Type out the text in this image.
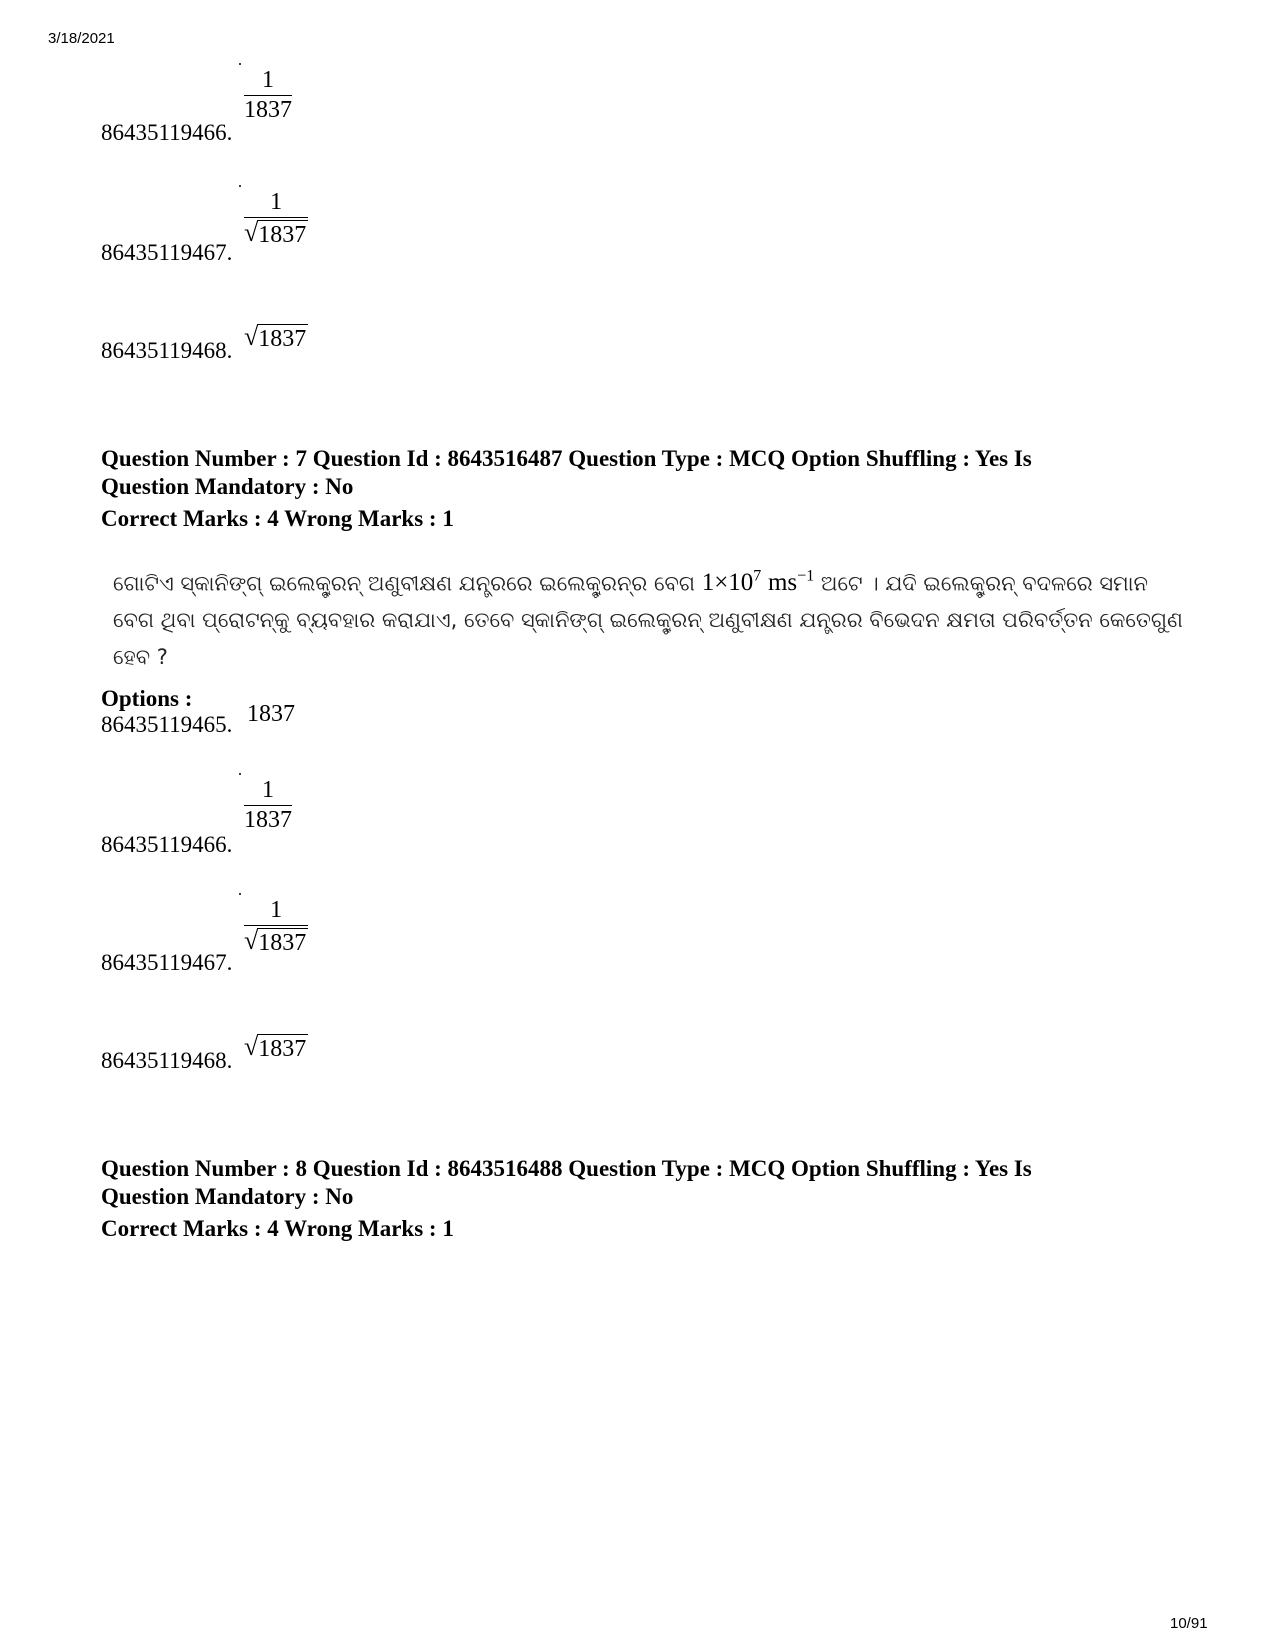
3/18/2021
86435119466.
1
1837
86435119467.
1
√ 1837
86435119468. √ 1837
Question Number : 7 Question Id : 8643516487 Question Type : MCQ Option Shuffling : Yes Is
Question Mandatory : No
Correct Marks : 4 Wrong Marks : 1
ଗୋଟିଏ ସ୍କାନିଙ୍ଗ୍ ଇଲେକ୍ଟ୍ରନ୍ ଅଣୁବୀକ୍ଷଣ ଯନ୍ତ୍ରରେ ଇଲେକ୍ଟ୍ରନ୍‌ର ବେଗ $1\times 10^7$ $ms^{-1}$ ଅଟେ । ଯଦି ଇଲେକ୍ଟ୍ରନ୍ ବଦଳରେ ସମାନ ବେଗ ଥିବା ପ୍ରୋଟନ୍‌କୁ ବ୍ୟବହାର କରାଯାଏ, ତେବେ ସ୍କାନିଙ୍ଗ୍ ଇଲେକ୍ଟ୍ରନ୍ ଅଣୁବୀକ୍ଷଣ ଯନ୍ତ୍ରର ବିଭେଦନ କ୍ଷମତା ପରିବର୍ତ୍ତନ କେତେଗୁଣ ହେବ ?
Options :
86435119465. 1837
86435119466.
1
1837
86435119467.
1
√ 1837
86435119468. √ 1837
Question Number : 8 Question Id : 8643516488 Question Type : MCQ Option Shuffling : Yes Is
Question Mandatory : No
Correct Marks : 4 Wrong Marks : 1
10/91
